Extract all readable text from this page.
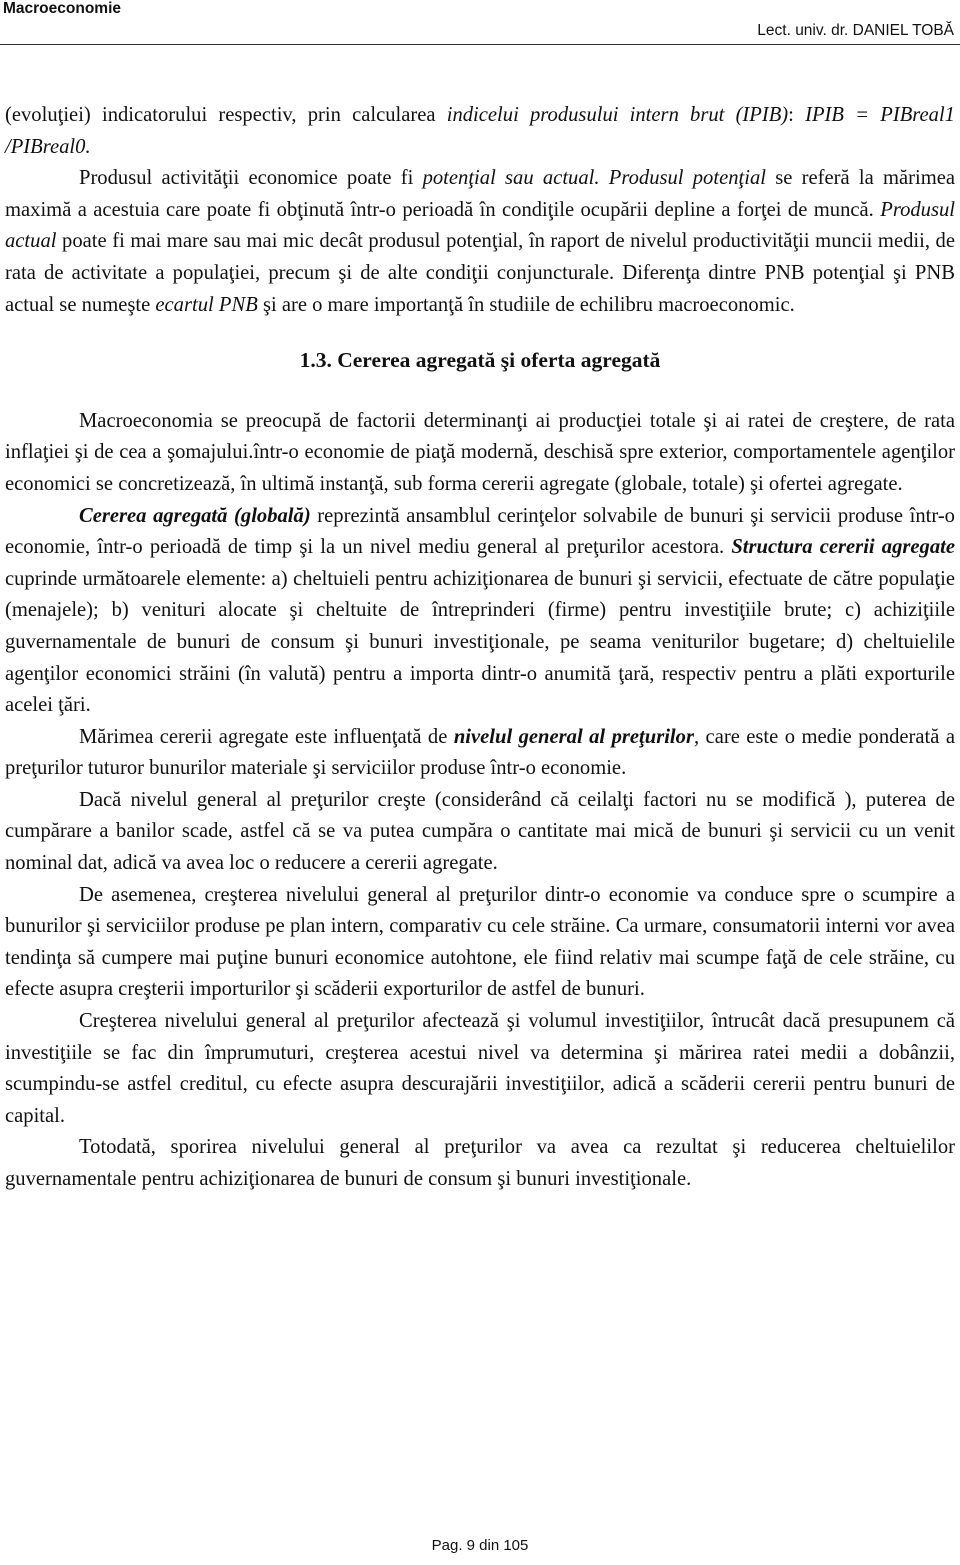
Macroeconomie
Lect. univ. dr. DANIEL TOBĂ

(evoluţiei) indicatorului respectiv, prin calcularea indicelui produsului intern brut (IPIB): IPIB = PIBreal1 /PIBreal0.

Produsul activităţii economice poate fi potenţial sau actual. Produsul potenţial se referă la mărimea maximă a acestuia care poate fi obţinută într-o perioadă în condiţile ocupării depline a forţei de muncă. Produsul actual poate fi mai mare sau mai mic decât produsul potenţial, în raport de nivelul productivităţii muncii medii, de rata de activitate a populaţiei, precum şi de alte condiţii conjuncturale. Diferenţa dintre PNB potenţial şi PNB actual se numeşte ecartul PNB şi are o mare importanţă în studiile de echilibru macroeconomic.

1.3. Cererea agregată şi oferta agregată

Macroeconomia se preocupă de factorii determinanţi ai producţiei totale şi ai ratei de creştere, de rata inflaţiei şi de cea a şomajului.într-o economie de piaţă modernă, deschisă spre exterior, comportamentele agenţilor economici se concretizează, în ultimă instanţă, sub forma cererii agregate (globale, totale) şi ofertei agregate.

Cererea agregată (globală) reprezintă ansamblul cerinţelor solvabile de bunuri şi servicii produse într-o economie, într-o perioadă de timp şi la un nivel mediu general al preţurilor acestora. Structura cererii agregate cuprinde următoarele elemente: a) cheltuieli pentru achiziţionarea de bunuri şi servicii, efectuate de către populaţie (menajele); b) venituri alocate şi cheltuite de întreprinderi (firme) pentru investiţiile brute; c) achiziţiile guvernamentale de bunuri de consum şi bunuri investiţionale, pe seama veniturilor bugetare; d) cheltuielile agenţilor economici străini (în valută) pentru a importa dintr-o anumită ţară, respectiv pentru a plăti exporturile acelei ţări.

Mărimea cererii agregate este influenţată de nivelul general al preţurilor, care este o medie ponderată a preţurilor tuturor bunurilor materiale şi serviciilor produse într-o economie.

Dacă nivelul general al preţurilor creşte (considerând că ceilalţi factori nu se modifică ), puterea de cumpărare a banilor scade, astfel că se va putea cumpăra o cantitate mai mică de bunuri şi servicii cu un venit nominal dat, adică va avea loc o reducere a cererii agregate.

De asemenea, creşterea nivelului general al preţurilor dintr-o economie va conduce spre o scumpire a bunurilor şi serviciilor produse pe plan intern, comparativ cu cele străine. Ca urmare, consumatorii interni vor avea tendinţa să cumpere mai puţine bunuri economice autohtone, ele fiind relativ mai scumpe faţă de cele străine, cu efecte asupra creşterii importurilor şi scăderii exporturilor de astfel de bunuri.

Creşterea nivelului general al preţurilor afectează şi volumul investiţiilor, întrucât dacă presupunem că investiţiile se fac din împrumuturi, creşterea acestui nivel va determina şi mărirea ratei medii a dobânzii, scumpindu-se astfel creditul, cu efecte asupra descurajării investiţiilor, adică a scăderii cererii pentru bunuri de capital.

Totodată, sporirea nivelului general al preţurilor va avea ca rezultat şi reducerea cheltuielilor guvernamentale pentru achiziţionarea de bunuri de consum şi bunuri investiţionale.

Pag. 9 din 105
